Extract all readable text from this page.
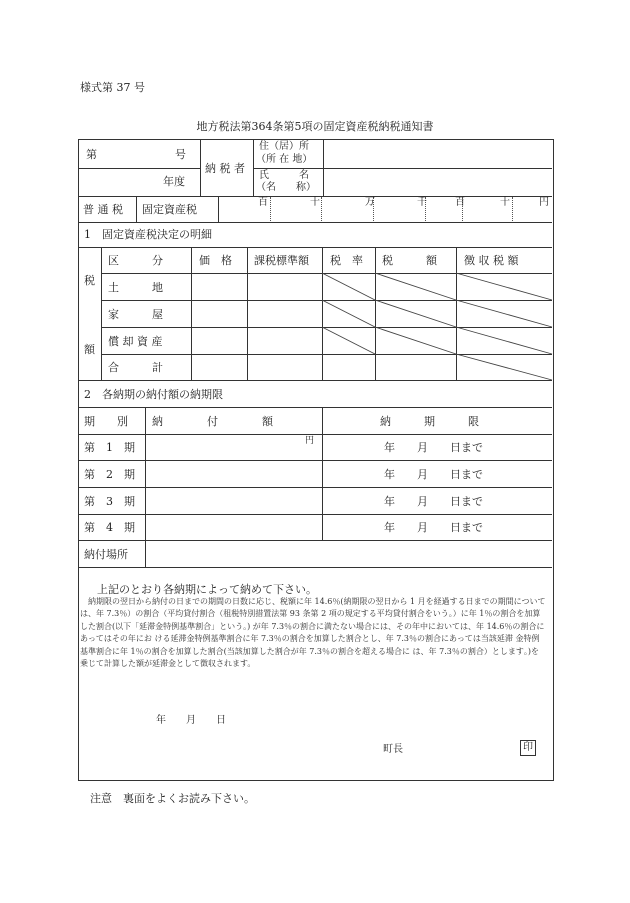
様式第 37 号
地方税法第364条第5項の固定資産税納税通知書
第	号
年度
納 税 者
住（居）所
（所 在 地）
氏　　　名
（名　　称）
普 通 税 固定資産税
百	十	万	千	百	十	円
1　固定資産税決定の明細
税
額
区　　　分	価　格 課税標準額 税　率 税　　　額 徴 収 税 額
土　　　地
家　　　屋
償 却 資 産
合　　　計
2　各納期の納付額の納期限
期　　別 納　　　　付　　　　額	納　　　期　　　限
円
第　1　期	年　　月　　日まで
第　2　期	年　　月　　日まで
第　3　期	年　　月　　日まで
第　4　期	年　　月　　日まで
納付場所
上記のとおり各納期によって納めて下さい。
　納期限の翌日から納付の日までの期間の日数に応じ、税額に年 14.6％(納期限の翌日から 1 月を経過する日までの期間については、年 7.3％）の割合（平均貸付割合（租税特別措置法第 93 条第 2 項の規定する平均貸付割合をいう。）に年 1％の割合を加算した割合(以下「延滞金特例基準割合」という。) が年 7.3％の割合に満たない場合には、その年中においては、年 14.6％の割合にあってはその年にお ける延滞金特例基準割合に年 7.3％の割合を加算した割合とし、年 7.3％の割合にあっては当該延滞 金特例基準割合に年 1％の割合を加算した割合(当該加算した割合が年 7.3％の割合を超える場合に は、年 7.3％の割合）とします｡)を乗じて計算した額が延滞金として徴収されます。
年　　月　　日
町長	印
注意　裏面をよくお読み下さい。
